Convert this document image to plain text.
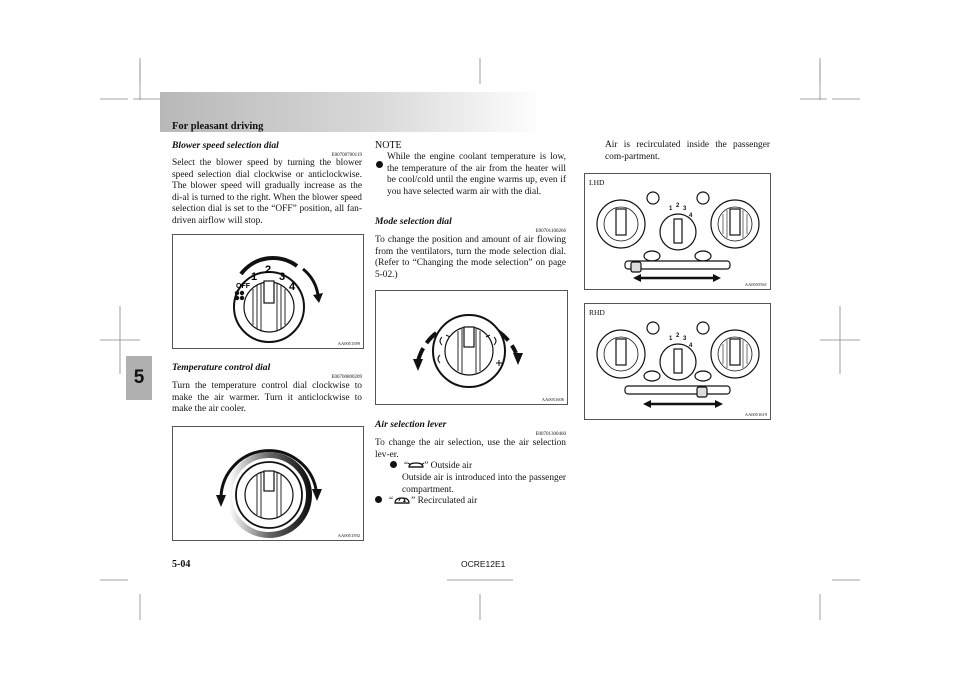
For pleasant driving
5
Blower speed selection dial
E00700700119
Select the blower speed by turning the blower speed selection dial clockwise or anticlockwise. The blower speed will gradually increase as the di-al is turned to the right. When the blower speed selection dial is set to the “OFF” position, all fan-driven airflow will stop.
1
2
3
4
OFF
AA0051589
Temperature control dial
E00700800209
Turn the temperature control dial clockwise to make the air warmer. Turn it anticlockwise to make the air cooler.
AA0051592
NOTE
While the engine coolant temperature is low, the temperature of the air from the heater will be cool/cold until the engine warms up, even if you have selected warm air with the dial.
Mode selection dial
E00701100266
To change the position and amount of air flowing from the ventilators, turn the mode selection dial. (Refer to “Changing the mode selection” on page 5-02.)
AA0051606
Air selection lever
E00701300460
To change the air selection, use the air selection lev-er.
“ ” Outside air
Outside air is introduced into the passenger compartment.
“ ” Recirculated air
Air is recirculated inside the passenger com-partment.
LHD
1 2 3
4
AA0055561
RHD
1 2 3
4
AA0051619
5-04	OCRE12E1
